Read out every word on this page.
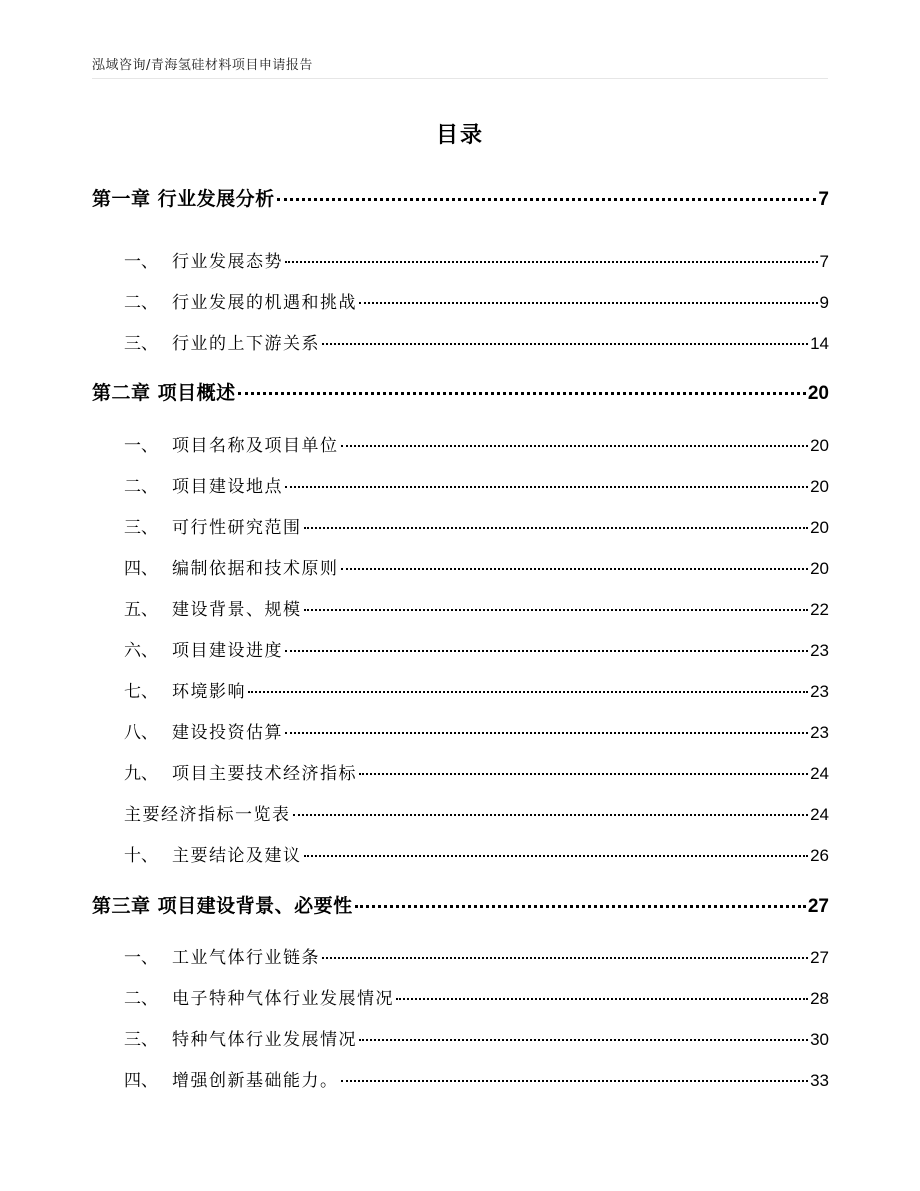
泓域咨询/青海氢硅材料项目申请报告
目录
第一章 行业发展分析	7
一、 行业发展态势	7
二、 行业发展的机遇和挑战	9
三、 行业的上下游关系	14
第二章 项目概述	20
一、 项目名称及项目单位	20
二、 项目建设地点	20
三、 可行性研究范围	20
四、 编制依据和技术原则	20
五、 建设背景、规模	22
六、 项目建设进度	23
七、 环境影响	23
八、 建设投资估算	23
九、 项目主要技术经济指标	24
主要经济指标一览表	24
十、 主要结论及建议	26
第三章 项目建设背景、必要性	27
一、 工业气体行业链条	27
二、 电子特种气体行业发展情况	28
三、 特种气体行业发展情况	30
四、 增强创新基础能力。	33
